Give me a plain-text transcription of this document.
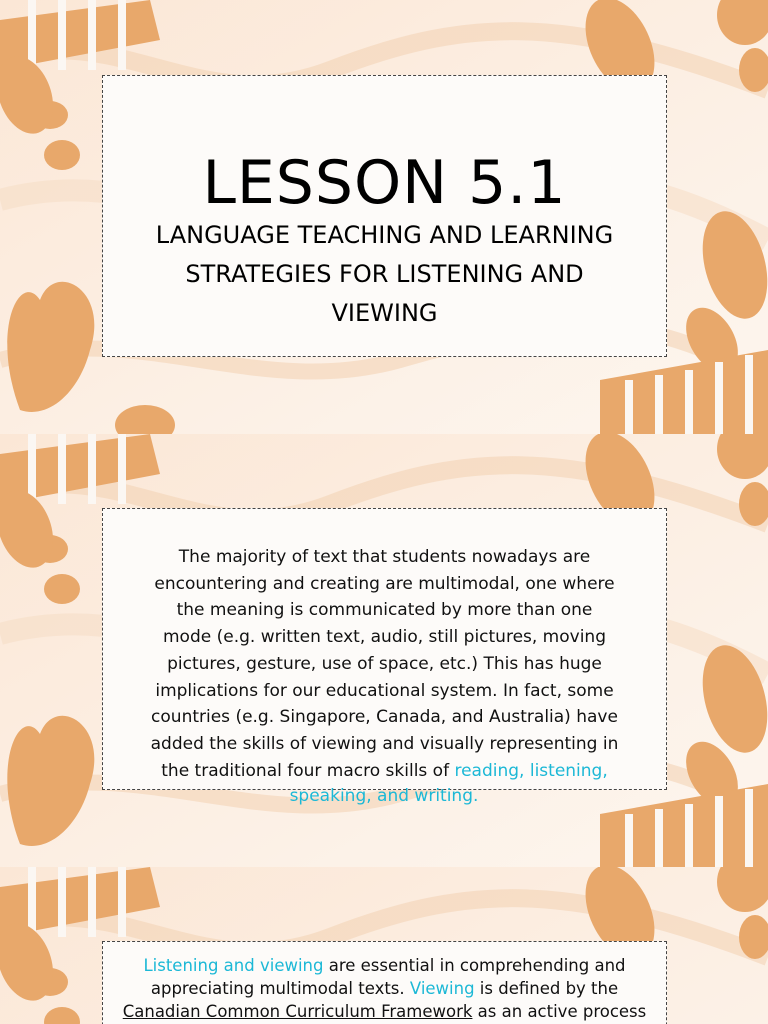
LESSON 5.1
LANGUAGE TEACHING AND LEARNING
STRATEGIES FOR LISTENING AND
VIEWING
The majority of text that students nowadays are
encountering and creating are multimodal, one where
the meaning is communicated by more than one
mode (e.g. written text, audio, still pictures, moving
pictures, gesture, use of space, etc.) This has huge
implications for our educational system. In fact, some
countries (e.g. Singapore, Canada, and Australia) have
added the skills of viewing and visually representing in
the traditional four macro skills of reading, listening,
speaking, and writing.
Listening and viewing are essential in comprehending and
appreciating multimodal texts. Viewing is defined by the
Canadian Common Curriculum Framework as an active process
